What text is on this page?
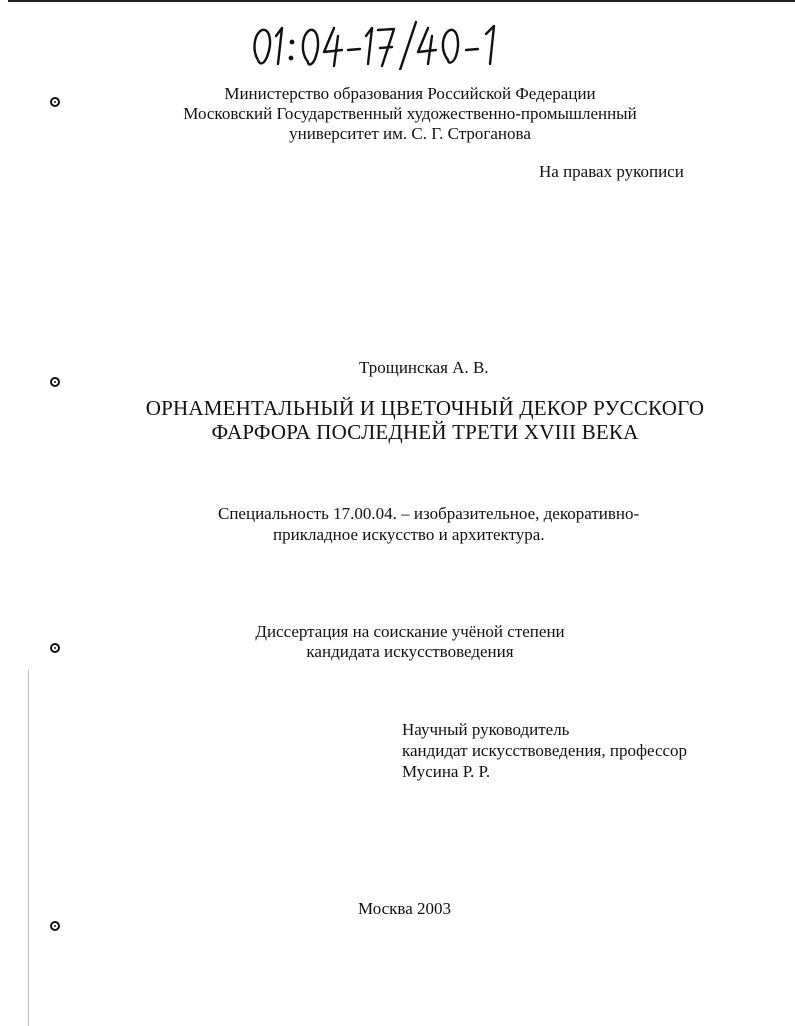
Министерство образования Российской Федерации
Московский Государственный художественно-промышленный
университет им. С. Г. Строганова
На правах рукописи
Трощинская А. В.
ОРНАМЕНТАЛЬНЫЙ И ЦВЕТОЧНЫЙ ДЕКОР РУССКОГО
ФАРФОРА ПОСЛЕДНЕЙ ТРЕТИ XVIII ВЕКА
Специальность 17.00.04. – изобразительное, декоративно-
прикладное искусство и архитектура.
Диссертация на соискание учёной степени
кандидата искусствоведения
Научный руководитель
кандидат искусствоведения, профессор
Мусина Р. Р.
Москва 2003
